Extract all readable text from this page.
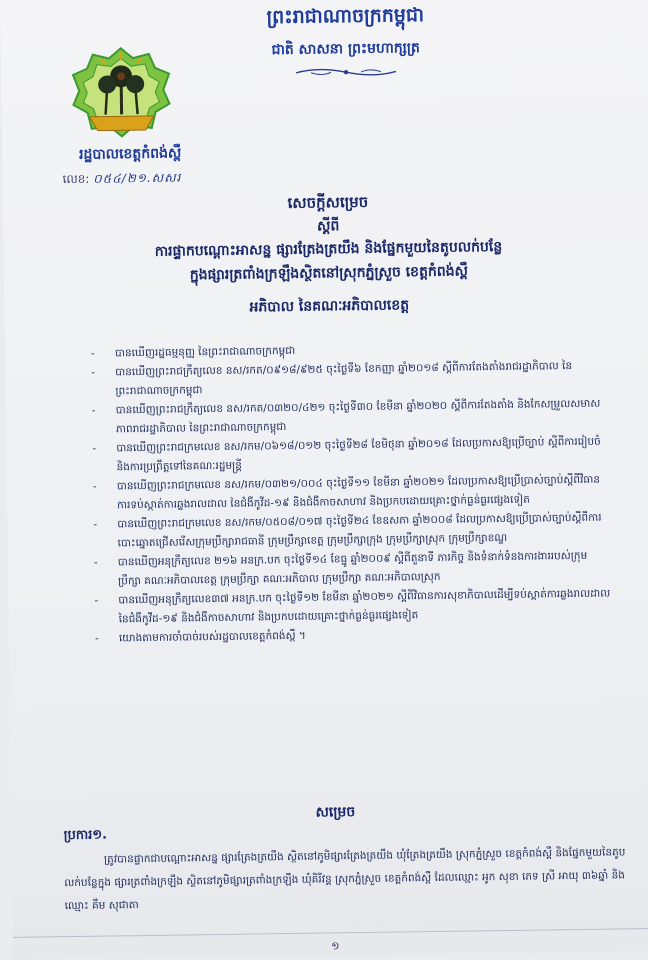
ព្រះរាជាណាចក្រកម្ពុជា
ជាតិ សាសនា ព្រះមហាក្សត្រ
រដ្ឋបាលខេត្តកំពង់ស្ពឺ
លេខ: ០៥៤/២១.សសរ
សេចក្តីសម្រេច
ស្តីពី
ការផ្ទាកបណ្តោះអាសន្ន ផ្សារត្រែងត្រយឹង និងផ្នែកមួយនៃតូបលក់បន្លែ
ក្នុងផ្សារត្រពាំងក្រឡឹងស្ថិតនៅស្រុកភ្នំស្រួច ខេត្តកំពង់ស្ពឺ
អភិបាល នៃគណៈអភិបាលខេត្ត
- បានឃើញរដ្ឋធម្មនុញ្ញ នៃព្រះរាជាណាចក្រកម្ពុជា
- បានឃើញព្រះរាជក្រឹត្យលេខ នស/រកត/០៩១៨/៩២៥ ចុះថ្ងៃទី៦ ខែកញ្ញា ឆ្នាំ២០១៨ ស្តីពីការតែងតាំងរាជរដ្ឋាភិបាល នៃព្រះរាជាណាចក្រកម្ពុជា
- បានឃើញព្រះរាជក្រឹត្យលេខ នស/រកត/០៣២០/៤២១ ចុះថ្ងៃទី៣០ ខែមីនា ឆ្នាំ២០២០ ស្តីពីការតែងតាំង និងកែសម្រួលសមាសភាពរាជរដ្ឋាភិបាល នៃព្រះរាជាណាចក្រកម្ពុជា
- បានឃើញព្រះរាជក្រមលេខ នស/រកម/០៦១៨/០១២ ចុះថ្ងៃទី២៨ ខែមិថុនា ឆ្នាំ២០១៨ ដែលប្រកាសឱ្យប្រើច្បាប់ ស្តីពីការរៀបចំ និងការប្រព្រឹត្តទៅនៃគណៈរដ្ឋមន្ត្រី
- បានឃើញព្រះរាជក្រមលេខ នស/រកម/០៣២១/០០៤ ចុះថ្ងៃទី១១ ខែមីនា ឆ្នាំ២០២១ ដែលប្រកាសឱ្យប្រើប្រាស់ច្បាប់ស្តីពីវិធានការទប់ស្កាត់ការឆ្លងរាលដាល នៃជំងឺកូវីដ-១៩ និងជំងឺកាចសាហាវ និងប្រកបដោយគ្រោះថ្នាក់ធ្ងន់ធ្ងរផ្សេងទៀត
- បានឃើញព្រះរាជក្រមលេខ នស/រកម/០៥០៨/០១៧ ចុះថ្ងៃទី២៤ ខែឧសភា ឆ្នាំ២០០៨ ដែលប្រកាសឱ្យប្រើប្រាស់ច្បាប់ស្តីពីការបោះឆ្នោតជ្រើសរើសក្រុមប្រឹក្សារាជធានី ក្រុមប្រឹក្សាខេត្ត ក្រុមប្រឹក្សាក្រុង ក្រុមប្រឹក្សាស្រុក ក្រុមប្រឹក្សាខណ្ឌ
- បានឃើញអនុក្រឹត្យលេខ ២១៦ អនក្រ.បក ចុះថ្ងៃទី១៤ ខែធ្នូ ឆ្នាំ២០០៩ ស្តីពីតួនាទី ភារកិច្ច និងទំនាក់ទំនងការងាររបស់ក្រុមប្រឹក្សា គណៈអភិបាលខេត្ត ក្រុមប្រឹក្សា គណៈអភិបាល ក្រុមប្រឹក្សា គណៈអភិបាលស្រុក
- បានឃើញអនុក្រឹត្យលេខ៣៧ អនក្រ.បក ចុះថ្ងៃទី១២ ខែមីនា ឆ្នាំ២០២១ ស្តីពីវិធានការសុខាភិបាលដើម្បីទប់ស្កាត់ការឆ្លងរាលដាល នៃជំងឺកូវីដ-១៩ និងជំងឺកាចសាហាវ និងប្រកបដោយគ្រោះថ្នាក់ធ្ងន់ធ្ងរផ្សេងទៀត
- យោងតាមការចាំបាច់របស់រដ្ឋបាលខេត្តកំពង់ស្ពឺ ។
សម្រេច
ប្រការ១.
ត្រូវបានផ្ទាកជាបណ្តោះអាសន្ន ផ្សារត្រែងត្រយឹង ស្ថិតនៅភូមិផ្សារត្រែងត្រយឹង ឃុំត្រែងត្រយឹង ស្រុកភ្នំស្រួច ខេត្តកំពង់ស្ពឺ និងផ្នែកមួយនៃតូបលក់បន្លែក្នុង ផ្សារត្រពាំងក្រឡឹង ស្ថិតនៅភូមិផ្សារត្រពាំងក្រឡឹង ឃុំគិរីវន្ត ស្រុកភ្នំស្រួច ខេត្តកំពង់ស្ពឺ ដែលឈ្មោះ អូក សុខា ភេទ ស្រី អាយុ ៣៦ឆ្នាំ និង ឈ្មោះ គឹម សុជាតា
១
